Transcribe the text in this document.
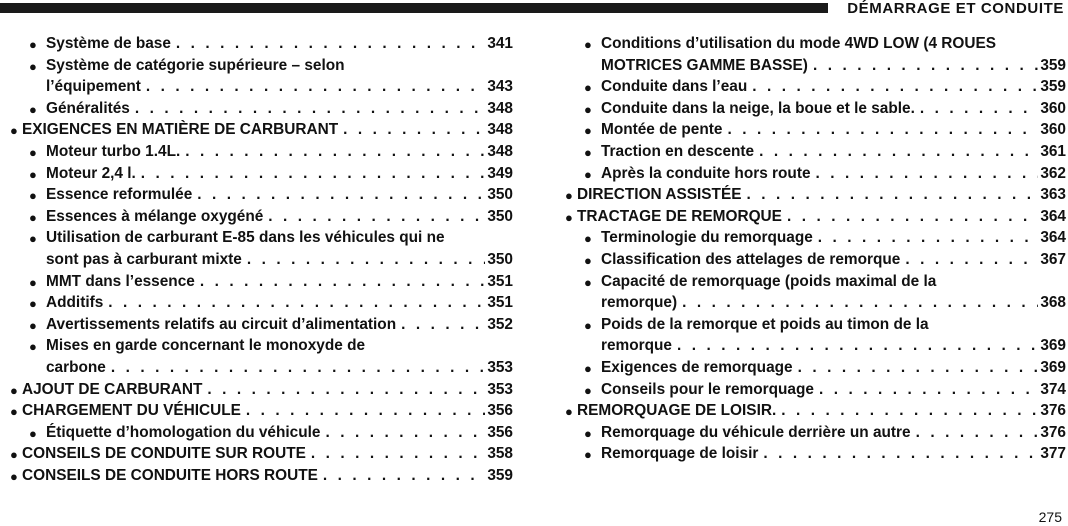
DÉMARRAGE ET CONDUITE
● Système de base . . .	341
● Système de catégorie supérieure – selon
l’équipement . . .	343
● Généralités . . .	348
● EXIGENCES EN MATIÈRE DE CARBURANT . . .	348
● Moteur turbo 1.4L. . . .	348
● Moteur 2,4 l. . . .	349
● Essence reformulée . . .	350
● Essences à mélange oxygéné . . .	350
● Utilisation de carburant E-85 dans les véhicules qui ne
sont pas à carburant mixte . . .	350
● MMT dans l’essence . . .	351
● Additifs . . .	351
● Avertissements relatifs au circuit d’alimentation . . .	352
● Mises en garde concernant le monoxyde de
carbone . . .	353
● AJOUT DE CARBURANT . . .	353
● CHARGEMENT DU VÉHICULE . . .	356
● Étiquette d’homologation du véhicule . . .	356
● CONSEILS DE CONDUITE SUR ROUTE . . .	358
● CONSEILS DE CONDUITE HORS ROUTE . . .	359
● Conditions d’utilisation du mode 4WD LOW (4 ROUES
MOTRICES GAMME BASSE) . . .	359
● Conduite dans l’eau . . .	359
● Conduite dans la neige, la boue et le sable. . . .	360
● Montée de pente . . .	360
● Traction en descente . . .	361
● Après la conduite hors route . . .	362
● DIRECTION ASSISTÉE . . .	363
● TRACTAGE DE REMORQUE . . .	364
● Terminologie du remorquage . . .	364
● Classification des attelages de remorque . . .	367
● Capacité de remorquage (poids maximal de la
remorque) . . .	368
● Poids de la remorque et poids au timon de la
remorque . . .	369
● Exigences de remorquage . . .	369
● Conseils pour le remorquage . . .	374
● REMORQUAGE DE LOISIR. . . .	376
● Remorquage du véhicule derrière un autre . . .	376
● Remorquage de loisir . . .	377
275
